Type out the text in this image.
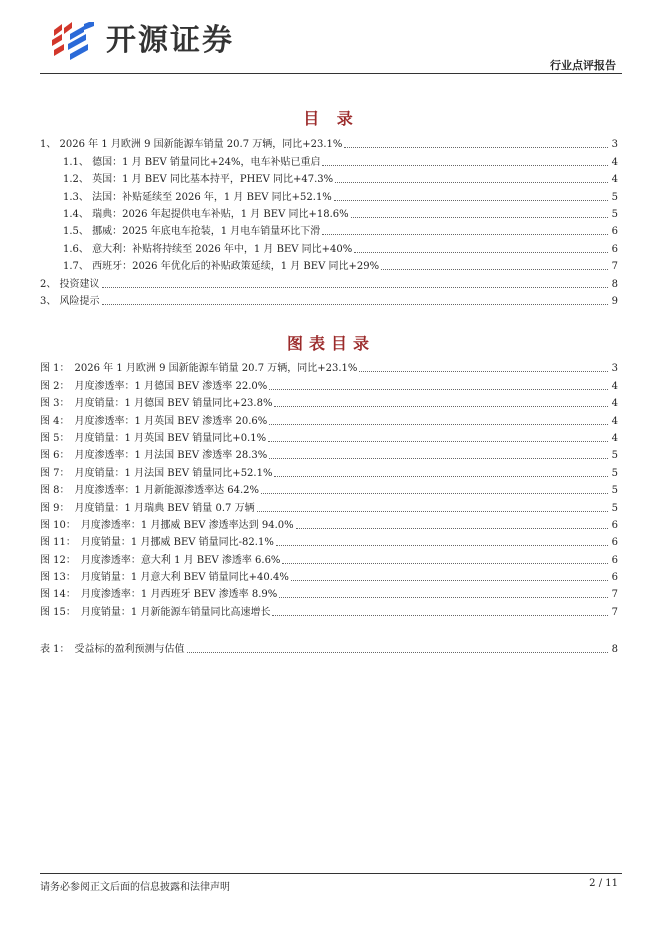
开源证券
行业点评报告
目 录
1、 2026 年 1 月欧洲 9 国新能源车销量 20.7 万辆，同比+23.1%	3
1.1、 德国：1 月 BEV 销量同比+24%，电车补贴已重启	4
1.2、 英国：1 月 BEV 同比基本持平，PHEV 同比+47.3%	4
1.3、 法国：补贴延续至 2026 年，1 月 BEV 同比+52.1%	5
1.4、 瑞典：2026 年起提供电车补贴，1 月 BEV 同比+18.6%	5
1.5、 挪威：2025 年底电车抢装，1 月电车销量环比下滑	6
1.6、 意大利：补贴将持续至 2026 年中，1 月 BEV 同比+40%	6
1.7、 西班牙：2026 年优化后的补贴政策延续，1 月 BEV 同比+29%	7
2、 投资建议	8
3、 风险提示	9
图表目录
图 1：　2026 年 1 月欧洲 9 国新能源车销量 20.7 万辆，同比+23.1%	3
图 2：　月度渗透率：1 月德国 BEV 渗透率 22.0%	4
图 3：　月度销量：1 月德国 BEV 销量同比+23.8%	4
图 4：　月度渗透率：1 月英国 BEV 渗透率 20.6%	4
图 5：　月度销量：1 月英国 BEV 销量同比+0.1%	4
图 6：　月度渗透率：1 月法国 BEV 渗透率 28.3%	5
图 7：　月度销量：1 月法国 BEV 销量同比+52.1%	5
图 8：　月度渗透率：1 月新能源渗透率达 64.2%	5
图 9：　月度销量：1 月瑞典 BEV 销量 0.7 万辆	5
图 10：　月度渗透率：1 月挪威 BEV 渗透率达到 94.0%	6
图 11：　月度销量：1 月挪威 BEV 销量同比-82.1%	6
图 12：　月度渗透率：意大利 1 月 BEV 渗透率 6.6%	6
图 13：　月度销量：1 月意大利 BEV 销量同比+40.4%	6
图 14：　月度渗透率：1 月西班牙 BEV 渗透率 8.9%	7
图 15：　月度销量：1 月新能源车销量同比高速增长	7
表 1：　受益标的盈利预测与估值	8
请务必参阅正文后面的信息披露和法律声明	2 / 11
